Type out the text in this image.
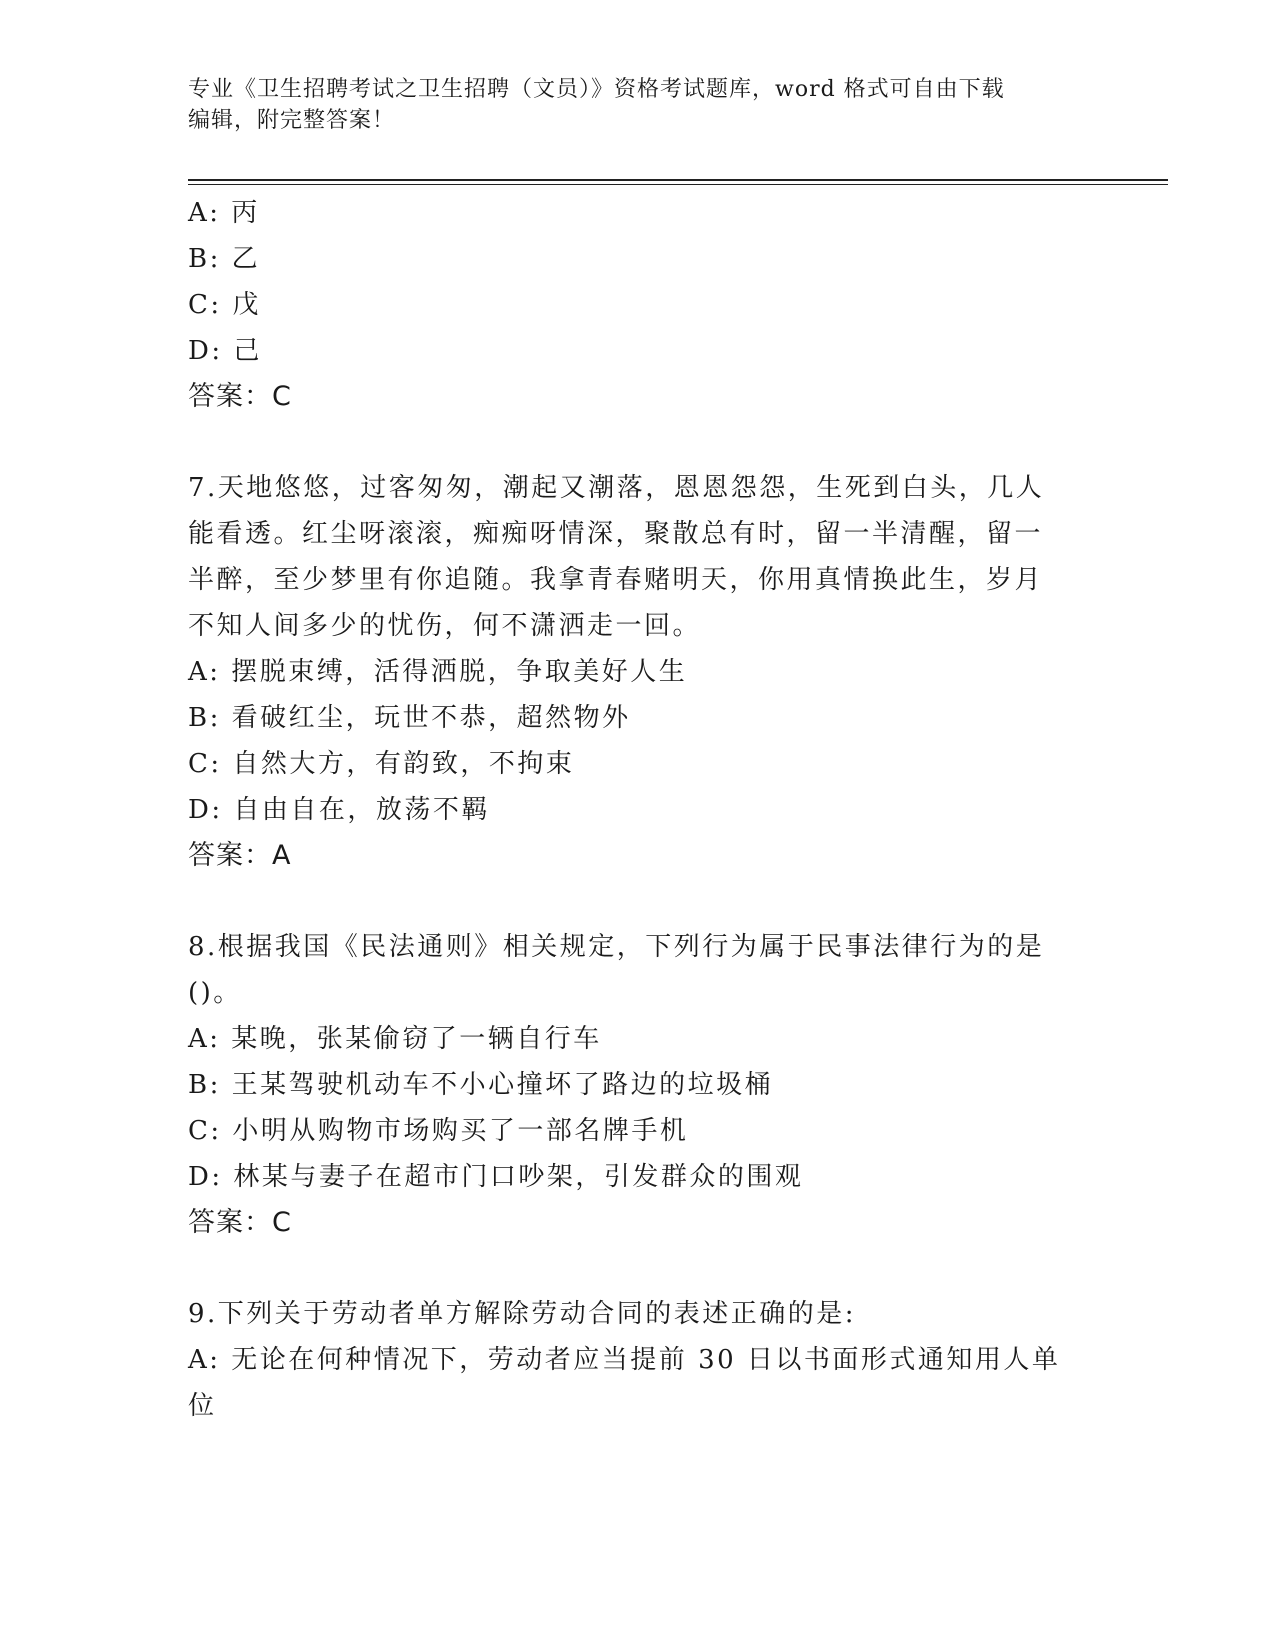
专业《卫生招聘考试之卫生招聘（文员）》资格考试题库，word 格式可自由下载
编辑，附完整答案！
A: 丙
B: 乙
C: 戊
D: 己
答案：C
7.天地悠悠，过客匆匆，潮起又潮落，恩恩怨怨，生死到白头，几人
能看透。红尘呀滚滚，痴痴呀情深，聚散总有时，留一半清醒，留一
半醉，至少梦里有你追随。我拿青春赌明天，你用真情换此生，岁月
不知人间多少的忧伤，何不潇洒走一回。
A: 摆脱束缚，活得洒脱，争取美好人生
B: 看破红尘，玩世不恭，超然物外
C: 自然大方，有韵致，不拘束
D: 自由自在，放荡不羁
答案：A
8.根据我国《民法通则》相关规定，下列行为属于民事法律行为的是
()。
A: 某晚，张某偷窃了一辆自行车
B: 王某驾驶机动车不小心撞坏了路边的垃圾桶
C: 小明从购物市场购买了一部名牌手机
D: 林某与妻子在超市门口吵架，引发群众的围观
答案：C
9.下列关于劳动者单方解除劳动合同的表述正确的是:
A: 无论在何种情况下，劳动者应当提前 30 日以书面形式通知用人单
位
